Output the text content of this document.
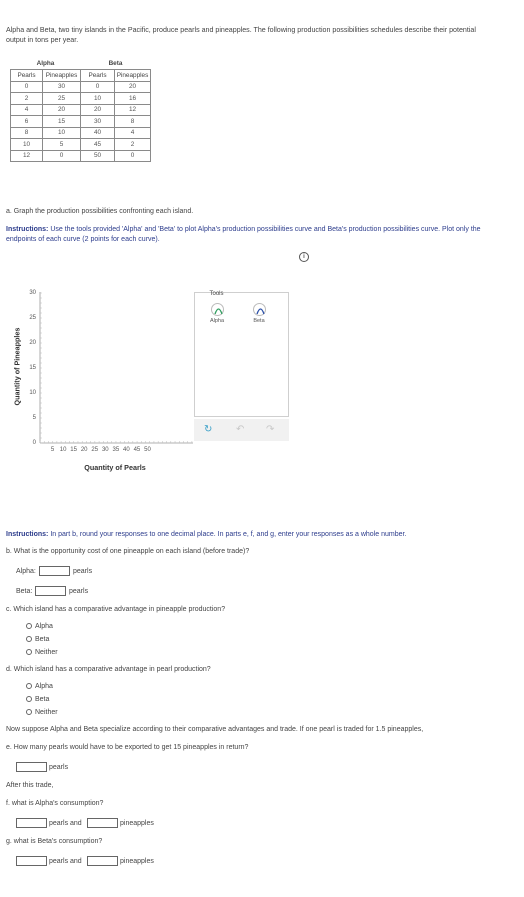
Alpha and Beta, two tiny islands in the Pacific, produce pearls and pineapples. The following production possibilities schedules describe their potential output in tons per year.
Alpha		Beta	
Pearls	Pineapples	Pearls	Pineapples
0	30	0	20
2	25	10	16
4	20	20	12
6	15	30	8
8	10	40	4
10	5	45	2
12	0	50	0
a. Graph the production possibilities confronting each island.
Instructions: Use the tools provided 'Alpha' and 'Beta' to plot Alpha's production possibilities curve and Beta's production possibilities curve. Plot only the endpoints of each curve (2 points for each curve).
i
Quantity of Pineapples
30
25
20
15
10
5
0
5 10 15 20 25 30 35 40 45 50
Quantity of Pearls
Tools
Alpha	Beta
↻ ↶ ↷
Instructions: In part b, round your responses to one decimal place. In parts e, f, and g, enter your responses as a whole number.
b. What is the opportunity cost of one pineapple on each island (before trade)?
Alpha:	pearls
Beta:	pearls
c. Which island has a comparative advantage in pineapple production?
Alpha
Beta
Neither
d. Which island has a comparative advantage in pearl production?
Alpha
Beta
Neither
Now suppose Alpha and Beta specialize according to their comparative advantages and trade. If one pearl is traded for 1.5 pineapples,
e. How many pearls would have to be exported to get 15 pineapples in return?
pearls
After this trade,
f. what is Alpha's consumption?
pearls and	pineapples
g. what is Beta's consumption?
pearls and	pineapples
